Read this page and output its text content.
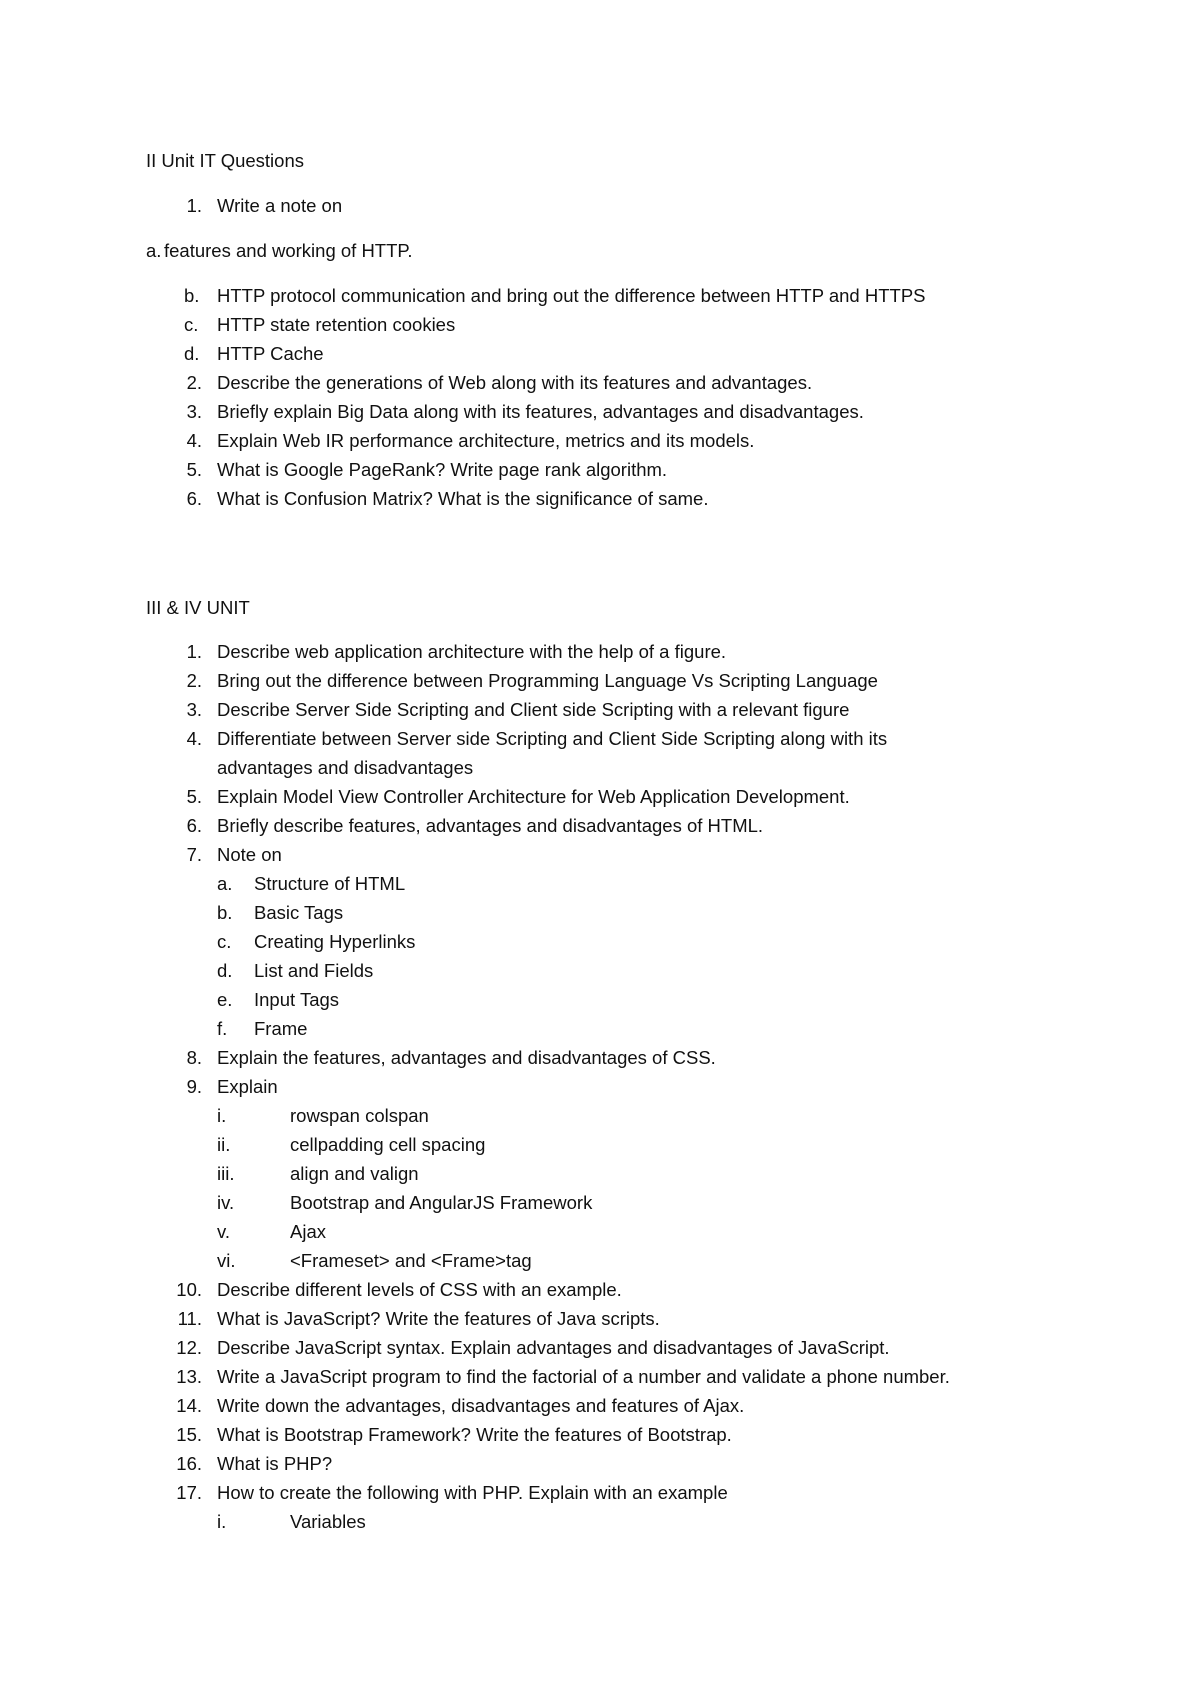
II Unit IT Questions
1. Write a note on
a. features and working of HTTP.
b. HTTP protocol communication and bring out the difference between HTTP and HTTPS
c. HTTP state retention cookies
d. HTTP Cache
2. Describe the generations of Web along with its features and advantages.
3. Briefly explain Big Data along with its features, advantages and disadvantages.
4. Explain Web IR performance architecture, metrics and its models.
5. What is Google PageRank? Write page rank algorithm.
6. What is Confusion Matrix? What is the significance of same.
III & IV UNIT
1. Describe web application architecture with the help of a figure.
2. Bring out the difference between Programming Language Vs Scripting Language
3. Describe Server Side Scripting and Client side Scripting with a relevant figure
4. Differentiate between Server side Scripting and Client Side Scripting along with its
advantages and disadvantages
5. Explain Model View Controller Architecture for Web Application Development.
6. Briefly describe features, advantages and disadvantages of HTML.
7. Note on
a.	Structure of HTML
b.	Basic Tags
c.	Creating Hyperlinks
d.	List and Fields
e.	Input Tags
f.	Frame
8. Explain the features, advantages and disadvantages of CSS.
9. Explain
i.	rowspan colspan
ii.	cellpadding cell spacing
iii.	align and valign
iv.	Bootstrap and AngularJS Framework
v.	Ajax
vi.	<Frameset> and <Frame>tag
10. Describe different levels of CSS with an example.
11. What is JavaScript? Write the features of Java scripts.
12. Describe JavaScript syntax. Explain advantages and disadvantages of JavaScript.
13. Write a JavaScript program to find the factorial of a number and validate a phone number.
14. Write down the advantages, disadvantages and features of Ajax.
15. What is Bootstrap Framework? Write the features of Bootstrap.
16. What is PHP?
17. How to create the following with PHP. Explain with an example
i.	Variables
